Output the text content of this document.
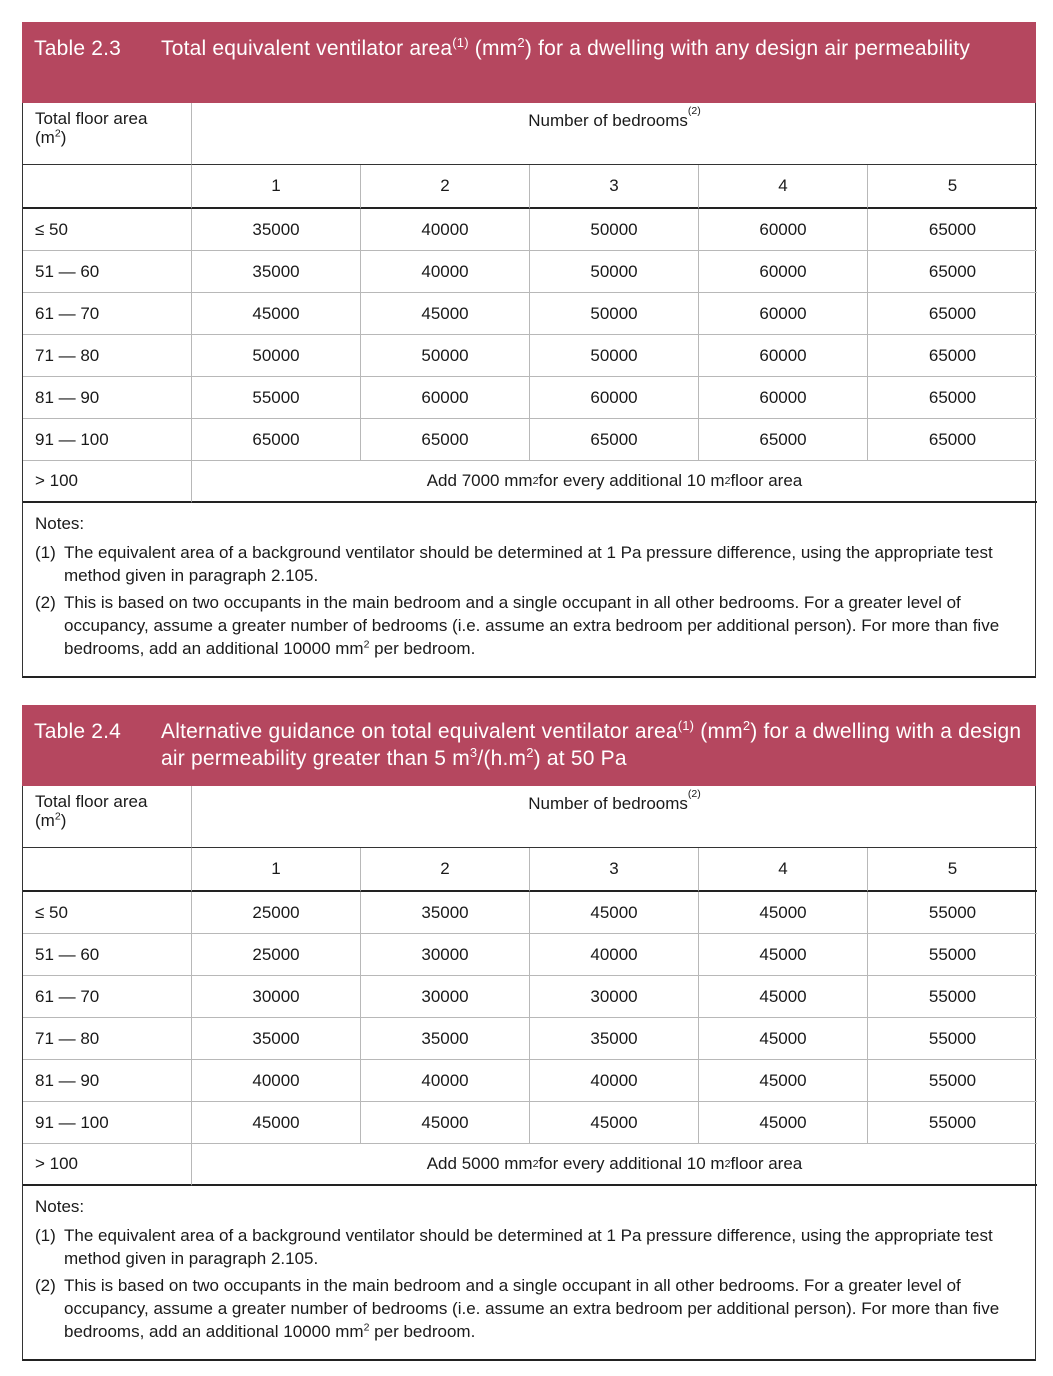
Table 2.3	Total equivalent ventilator area$^{(1)}$ $(mm^2)$ for a dwelling with any design air permeability
Total floor area
$(m^2)$
Number of bedrooms (2)
1	2	3	4	5
≤ 50	35000	40000	50000	60000	65000
51 — 60	35000	40000	50000	60000	65000
61 — 70	45000	45000	50000	60000	65000
71 — 80	50000	50000	50000	60000	65000
81 — 90	55000	60000	60000	60000	65000
91 — 100	65000	65000	65000	65000	65000
> 100	Add 7000 mm 2 for every additional 10 m 2 floor area
Notes:
(1) The equivalent area of a background ventilator should be determined at 1 Pa pressure difference, using the appropriate test method given in paragraph 2.105.
(2) This is based on two occupants in the main bedroom and a single occupant in all other bedrooms. For a greater level of occupancy, assume a greater number of bedrooms (i.e. assume an extra bedroom per additional person). For more than five bedrooms, add an additional 10000 $mm^2$ per bedroom.
Table 2.4	Alternative guidance on total equivalent ventilator area$^{(1)}$ $(mm^2)$ for a dwelling with a design air permeability greater than 5 $m^3/(h.m^2)$ at 50 Pa
Total floor area
$(m^2)$
Number of bedrooms (2)
1	2	3	4	5
≤ 50	25000	35000	45000	45000	55000
51 — 60	25000	30000	40000	45000	55000
61 — 70	30000	30000	30000	45000	55000
71 — 80	35000	35000	35000	45000	55000
81 — 90	40000	40000	40000	45000	55000
91 — 100	45000	45000	45000	45000	55000
> 100	Add 5000 mm 2 for every additional 10 m 2 floor area
Notes:
(1) The equivalent area of a background ventilator should be determined at 1 Pa pressure difference, using the appropriate test method given in paragraph 2.105.
(2) This is based on two occupants in the main bedroom and a single occupant in all other bedrooms. For a greater level of occupancy, assume a greater number of bedrooms (i.e. assume an extra bedroom per additional person). For more than five bedrooms, add an additional 10000 $mm^2$ per bedroom.
